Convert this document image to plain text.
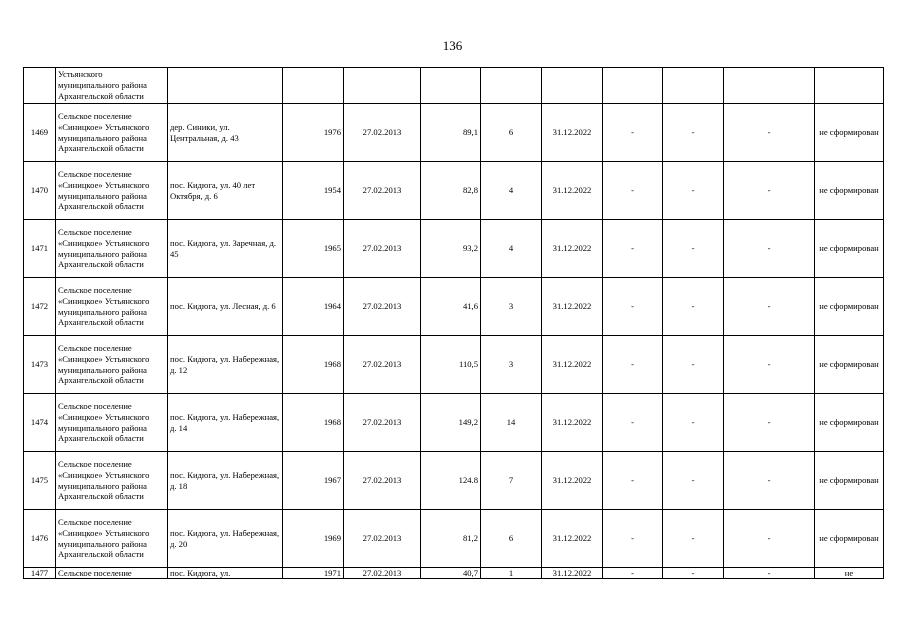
136
	Устьянского муниципального района Архангельской области										
1469	Сельское поселение «Синицкое» Устьянского муниципального района Архангельской области	дер. Синики, ул. Центральная, д. 43	1976	27.02.2013	89,1	6	31.12.2022	-	-	-	не сформирован
1470	Сельское поселение «Синицкое» Устьянского муниципального района Архангельской области	пос. Кидюга, ул. 40 лет Октября, д. 6	1954	27.02.2013	82,8	4	31.12.2022	-	-	-	не сформирован
1471	Сельское поселение «Синицкое» Устьянского муниципального района Архангельской области	пос. Кидюга, ул. Заречная, д. 45	1965	27.02.2013	93,2	4	31.12.2022	-	-	-	не сформирован
1472	Сельское поселение «Синицкое» Устьянского муниципального района Архангельской области	пос. Кидюга, ул. Лесная, д. 6	1964	27.02.2013	41,6	3	31.12.2022	-	-	-	не сформирован
1473	Сельское поселение «Синицкое» Устьянского муниципального района Архангельской области	пос. Кидюга, ул. Набережная, д. 12	1968	27.02.2013	110,5	3	31.12.2022	-	-	-	не сформирован
1474	Сельское поселение «Синицкое» Устьянского муниципального района Архангельской области	пос. Кидюга, ул. Набережная, д. 14	1968	27.02.2013	149,2	14	31.12.2022	-	-	-	не сформирован
1475	Сельское поселение «Синицкое» Устьянского муниципального района Архангельской области	пос. Кидюга, ул. Набережная, д. 18	1967	27.02.2013	124.8	7	31.12.2022	-	-	-	не сформирован
1476	Сельское поселение «Синицкое» Устьянского муниципального района Архангельской области	пос. Кидюга, ул. Набережная, д. 20	1969	27.02.2013	81,2	6	31.12.2022	-	-	-	не сформирован
1477	Сельское поселение	пос. Кидюга, ул.	1971	27.02.2013	40,7	1	31.12.2022	-	-	-	не
